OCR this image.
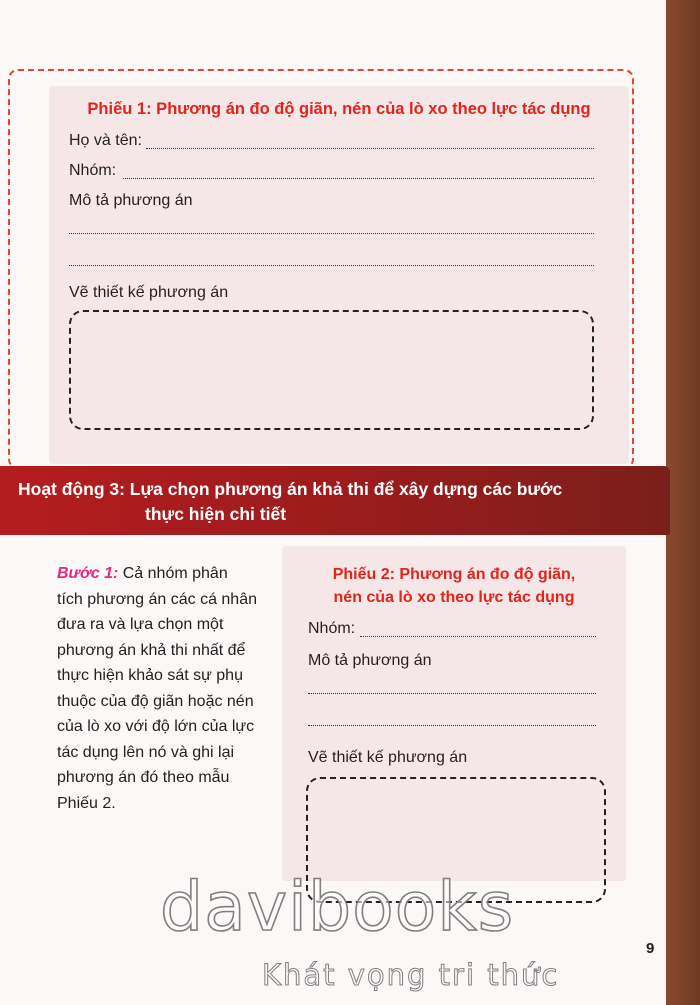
Phiếu 1: Phương án đo độ giãn, nén của lò xo theo lực tác dụng
Họ và tên:
Nhóm:
Mô tả phương án
Vẽ thiết kế phương án
Hoạt động 3: Lựa chọn phương án khả thi để xây dựng các bước
thực hiện chi tiết
Bước 1: Cả nhóm phân tích phương án các cá nhân đưa ra và lựa chọn một phương án khả thi nhất để thực hiện khảo sát sự phụ thuộc của độ giãn hoặc nén của lò xo với độ lớn của lực tác dụng lên nó và ghi lại phương án đó theo mẫu Phiếu 2.
Phiếu 2: Phương án đo độ giãn,
nén của lò xo theo lực tác dụng
Nhóm:
Mô tả phương án
Vẽ thiết kế phương án
9
davibooks
Khát vọng tri thức
